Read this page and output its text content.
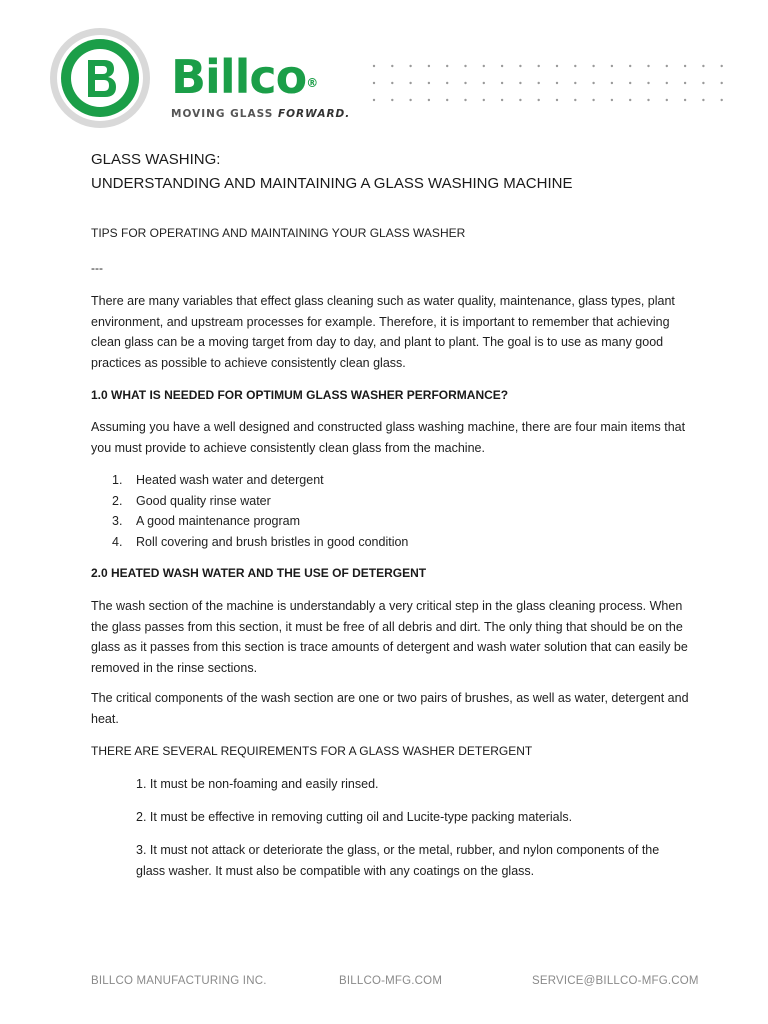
Billco®
MOVING GLASS FORWARD.
GLASS WASHING:
UNDERSTANDING AND MAINTAINING A GLASS WASHING MACHINE
TIPS FOR OPERATING AND MAINTAINING YOUR GLASS WASHER
---
There are many variables that effect glass cleaning such as water quality, maintenance, glass types, plant environment, and upstream processes for example. Therefore, it is important to remember that achieving clean glass can be a moving target from day to day, and plant to plant. The goal is to use as many good practices as possible to achieve consistently clean glass.
1.0 WHAT IS NEEDED FOR OPTIMUM GLASS WASHER PERFORMANCE?
Assuming you have a well designed and constructed glass washing machine, there are four main items that you must provide to achieve consistently clean glass from the machine.
1.	Heated wash water and detergent
2.	Good quality rinse water
3.	A good maintenance program
4.	Roll covering and brush bristles in good condition
2.0 HEATED WASH WATER AND THE USE OF DETERGENT
The wash section of the machine is understandably a very critical step in the glass cleaning process. When the glass passes from this section, it must be free of all debris and dirt. The only thing that should be on the glass as it passes from this section is trace amounts of detergent and wash water solution that can easily be removed in the rinse sections.
The critical components of the wash section are one or two pairs of brushes, as well as water, detergent and heat.
THERE ARE SEVERAL REQUIREMENTS FOR A GLASS WASHER DETERGENT
1. It must be non-foaming and easily rinsed.
2. It must be effective in removing cutting oil and Lucite-type packing materials.
3. It must not attack or deteriorate the glass, or the metal, rubber, and nylon components of the glass washer. It must also be compatible with any coatings on the glass.
BILLCO MANUFACTURING INC.	BILLCO-MFG.COM	SERVICE@BILLCO-MFG.COM
